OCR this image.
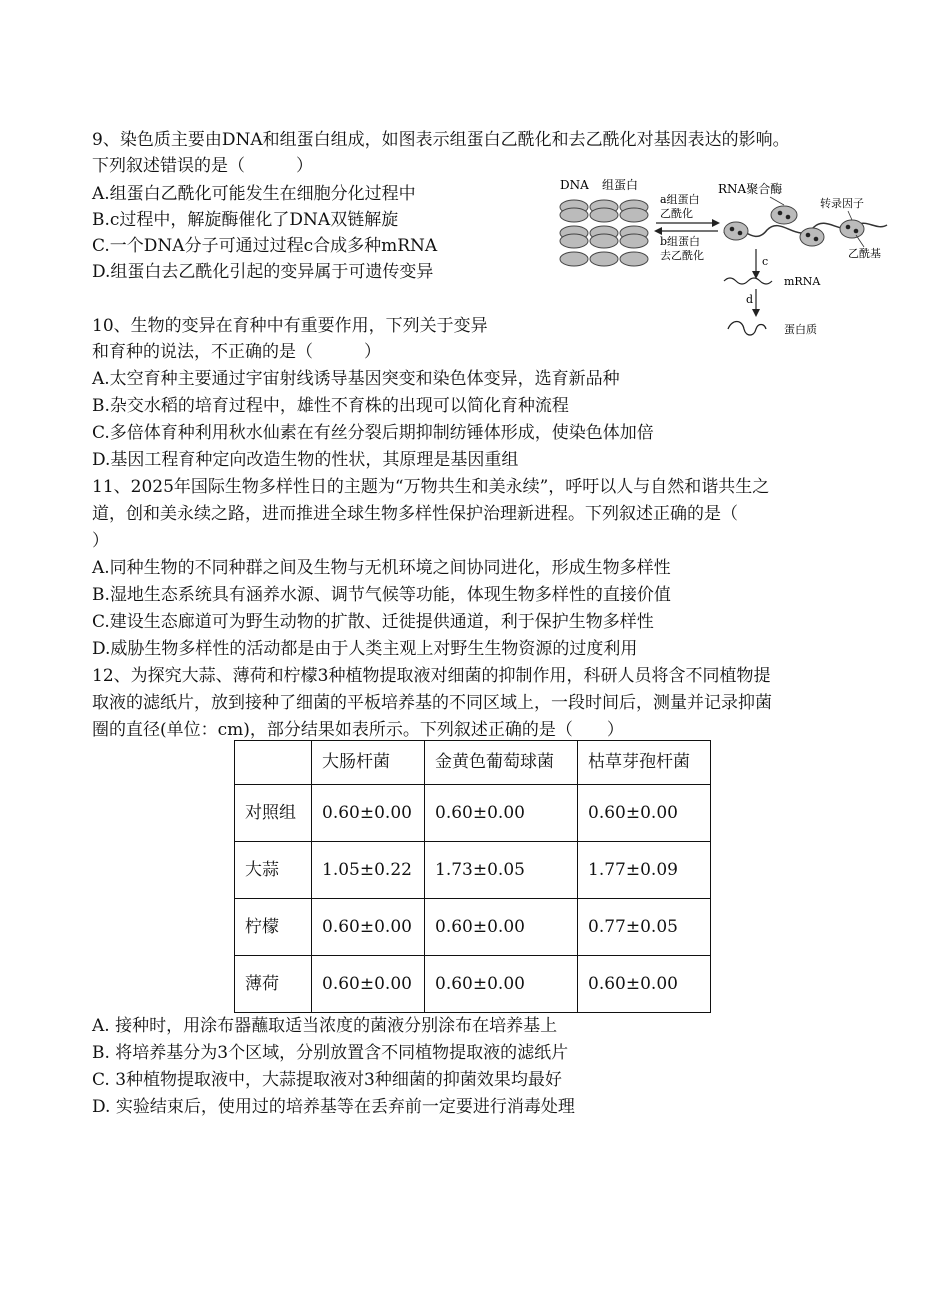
9、染色质主要由DNA和组蛋白组成，如图表示组蛋白乙酰化和去乙酰化对基因表达的影响。
下列叙述错误的是（　　　）
A.组蛋白乙酰化可能发生在细胞分化过程中
B.c过程中，解旋酶催化了DNA双链解旋
C.一个DNA分子可通过过程c合成多种mRNA
D.组蛋白去乙酰化引起的变异属于可遗传变异
DNA 组蛋白
a组蛋白
乙酰化
b组蛋白
去乙酰化
RNA聚合酶
转录因子
乙酰基
c
mRNA
d
蛋白质
10、生物的变异在育种中有重要作用，下列关于变异
和育种的说法，不正确的是（　　　）
A.太空育种主要通过宇宙射线诱导基因突变和染色体变异，选育新品种
B.杂交水稻的培育过程中，雄性不育株的出现可以简化育种流程
C.多倍体育种利用秋水仙素在有丝分裂后期抑制纺锤体形成，使染色体加倍
D.基因工程育种定向改造生物的性状，其原理是基因重组
11、2025年国际生物多样性日的主题为“万物共生和美永续”，呼吁以人与自然和谐共生之
道，创和美永续之路，进而推进全球生物多样性保护治理新进程。下列叙述正确的是（
）
A.同种生物的不同种群之间及生物与无机环境之间协同进化，形成生物多样性
B.湿地生态系统具有涵养水源、调节气候等功能，体现生物多样性的直接价值
C.建设生态廊道可为野生动物的扩散、迁徙提供通道，利于保护生物多样性
D.威胁生物多样性的活动都是由于人类主观上对野生生物资源的过度利用
12、为探究大蒜、薄荷和柠檬3种植物提取液对细菌的抑制作用，科研人员将含不同植物提
取液的滤纸片，放到接种了细菌的平板培养基的不同区域上，一段时间后，测量并记录抑菌
圈的直径(单位：cm)，部分结果如表所示。下列叙述正确的是（　　）
	大肠杆菌	金黄色葡萄球菌	枯草芽孢杆菌
对照组	0.60±0.00	0.60±0.00	0.60±0.00
大蒜	1.05±0.22	1.73±0.05	1.77±0.09
柠檬	0.60±0.00	0.60±0.00	0.77±0.05
薄荷	0.60±0.00	0.60±0.00	0.60±0.00
A. 接种时，用涂布器蘸取适当浓度的菌液分别涂布在培养基上
B. 将培养基分为3个区域，分别放置含不同植物提取液的滤纸片
C. 3种植物提取液中，大蒜提取液对3种细菌的抑菌效果均最好
D. 实验结束后，使用过的培养基等在丢弃前一定要进行消毒处理
